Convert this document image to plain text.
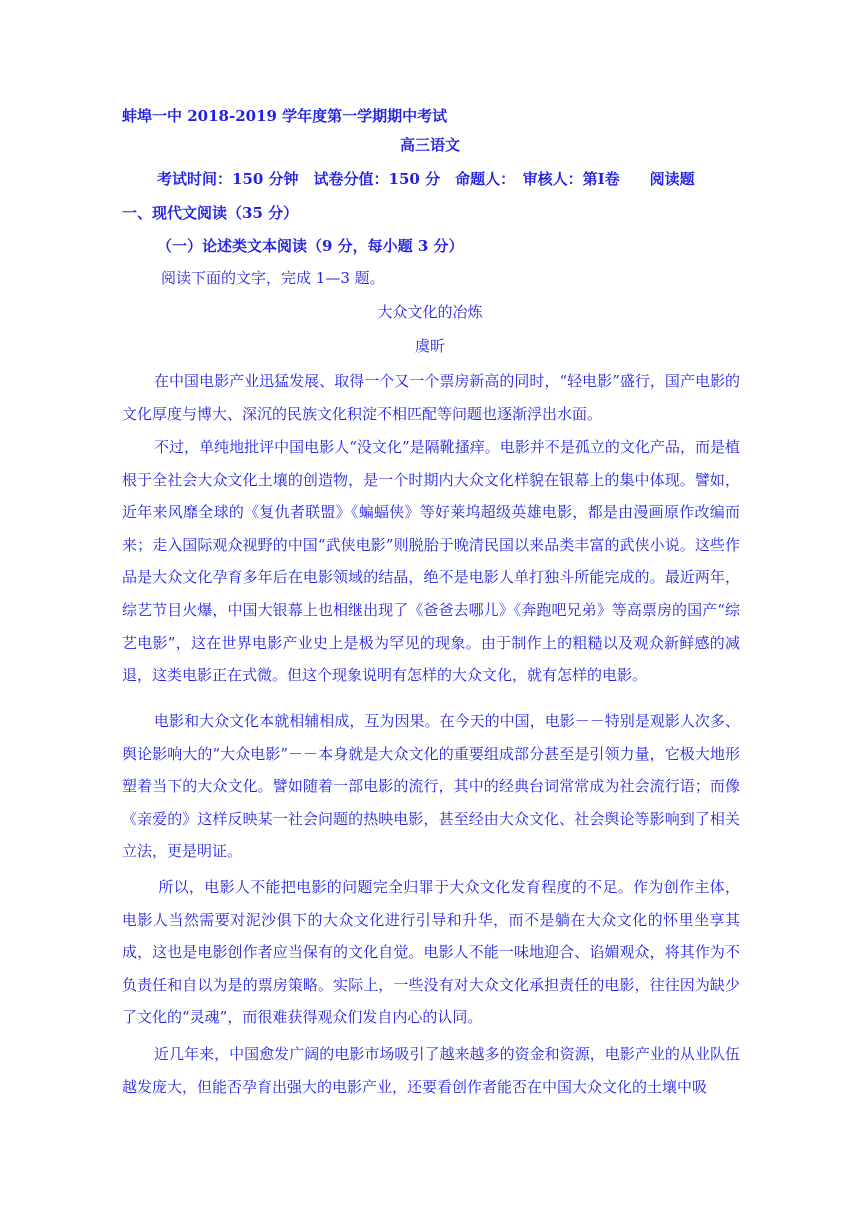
蚌埠一中 2018-2019 学年度第一学期期中考试
高三语文
考试时间：150 分钟　试卷分值：150 分　命题人：　审核人：第Ⅰ卷　　阅读题
一、现代文阅读（35 分）
（一）论述类文本阅读（9 分，每小题 3 分）
阅读下面的文字，完成 1—3 题。
大众文化的冶炼
虞昕
在中国电影产业迅猛发展、取得一个又一个票房新高的同时，“轻电影”盛行，国产电影的文化厚度与博大、深沉的民族文化积淀不相匹配等问题也逐渐浮出水面。
不过，单纯地批评中国电影人“没文化”是隔靴搔痒。电影并不是孤立的文化产品，而是植根于全社会大众文化土壤的创造物，是一个时期内大众文化样貌在银幕上的集中体现。譬如，近年来风靡全球的《复仇者联盟》《蝙蝠侠》等好莱坞超级英雄电影，都是由漫画原作改编而来；走入国际观众视野的中国“武侠电影”则脱胎于晚清民国以来品类丰富的武侠小说。这些作品是大众文化孕育多年后在电影领域的结晶，绝不是电影人单打独斗所能完成的。最近两年，综艺节目火爆，中国大银幕上也相继出现了《爸爸去哪儿》《奔跑吧兄弟》等高票房的国产“综艺电影”，这在世界电影产业史上是极为罕见的现象。由于制作上的粗糙以及观众新鲜感的减退，这类电影正在式微。但这个现象说明有怎样的大众文化，就有怎样的电影。
电影和大众文化本就相辅相成，互为因果。在今天的中国，电影－－特别是观影人次多、舆论影响大的“大众电影”－－本身就是大众文化的重要组成部分甚至是引领力量，它极大地形塑着当下的大众文化。譬如随着一部电影的流行，其中的经典台词常常成为社会流行语；而像《亲爱的》这样反映某一社会问题的热映电影，甚至经由大众文化、社会舆论等影响到了相关立法，更是明证。
所以，电影人不能把电影的问题完全归罪于大众文化发育程度的不足。作为创作主体，电影人当然需要对泥沙俱下的大众文化进行引导和升华，而不是躺在大众文化的怀里坐享其成，这也是电影创作者应当保有的文化自觉。电影人不能一味地迎合、谄媚观众，将其作为不负责任和自以为是的票房策略。实际上，一些没有对大众文化承担责任的电影，往往因为缺少了文化的“灵魂”，而很难获得观众们发自内心的认同。
近几年来，中国愈发广阔的电影市场吸引了越来越多的资金和资源，电影产业的从业队伍越发庞大，但能否孕育出强大的电影产业，还要看创作者能否在中国大众文化的土壤中吸
